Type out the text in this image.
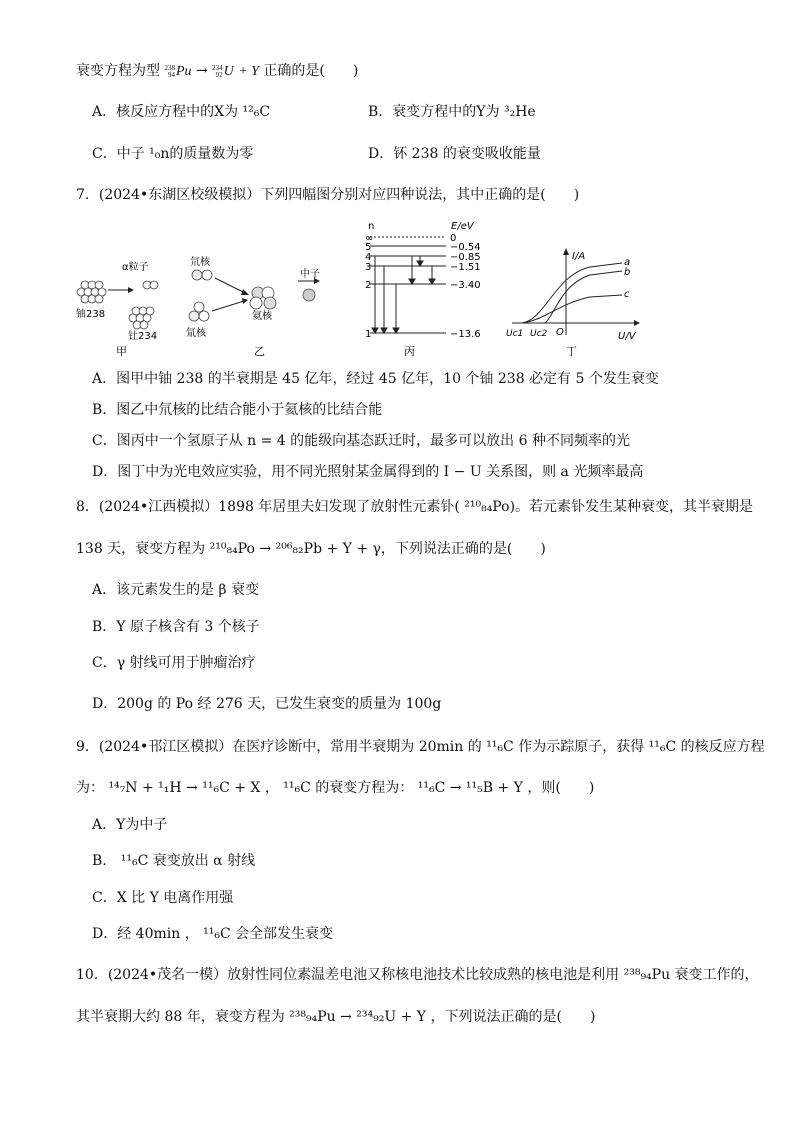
衰变方程为型 238
94 Pu → 234
92 U + Y 正确的是(　　)
A．核反应方程中的X为 ¹²₆C	B．衰变方程中的Y为 ³₂He
C．中子 ¹₀n的质量数为零	D．钚 238 的衰变吸收能量
7．(2024•东湖区校级模拟）下列四幅图分别对应四种说法，其中正确的是(　　)
α粒子
铀238
钍234
甲
氘核
氚核
氦核
中子
乙
n	E/eV
∞
5
4
3
2
1
0
−0.54
−0.85
−1.51
−3.40
−13.6
丙
I/A
U/V
O
Uc1 Uc2
a
b
c
丁
A．图甲中铀 238 的半衰期是 45 亿年，经过 45 亿年，10 个铀 238 必定有 5 个发生衰变
B．图乙中氘核的比结合能小于氦核的比结合能
C．图丙中一个氢原子从 n = 4 的能级向基态跃迁时，最多可以放出 6 种不同频率的光
D．图丁中为光电效应实验，用不同光照射某金属得到的 I − U 关系图，则 a 光频率最高
8．(2024•江西模拟）1898 年居里夫妇发现了放射性元素钋( ²¹⁰₈₄Po)。若元素钋发生某种衰变，其半衰期是
138 天，衰变方程为 ²¹⁰₈₄Po → ²⁰⁶₈₂Pb + Y + γ，下列说法正确的是(　　)
A．该元素发生的是 β 衰变
B．Y 原子核含有 3 个核子
C．γ 射线可用于肿瘤治疗
D．200g 的 Po 经 276 天，已发生衰变的质量为 100g
9．(2024•邗江区模拟）在医疗诊断中，常用半衰期为 20min 的 ¹¹₆C 作为示踪原子，获得 ¹¹₆C 的核反应方程
为： ¹⁴₇N + ¹₁H → ¹¹₆C + X ， ¹¹₆C 的衰变方程为： ¹¹₆C → ¹¹₅B + Y ，则(　　)
A．Y为中子
B． ¹¹₆C 衰变放出 α 射线
C．X 比 Y 电离作用强
D．经 40min ， ¹¹₆C 会全部发生衰变
10．(2024•茂名一模）放射性同位素温差电池又称核电池技术比较成熟的核电池是利用 ²³⁸₉₄Pu 衰变工作的，
其半衰期大约 88 年，衰变方程为 ²³⁸₉₄Pu → ²³⁴₉₂U + Y ，下列说法正确的是(　　)
